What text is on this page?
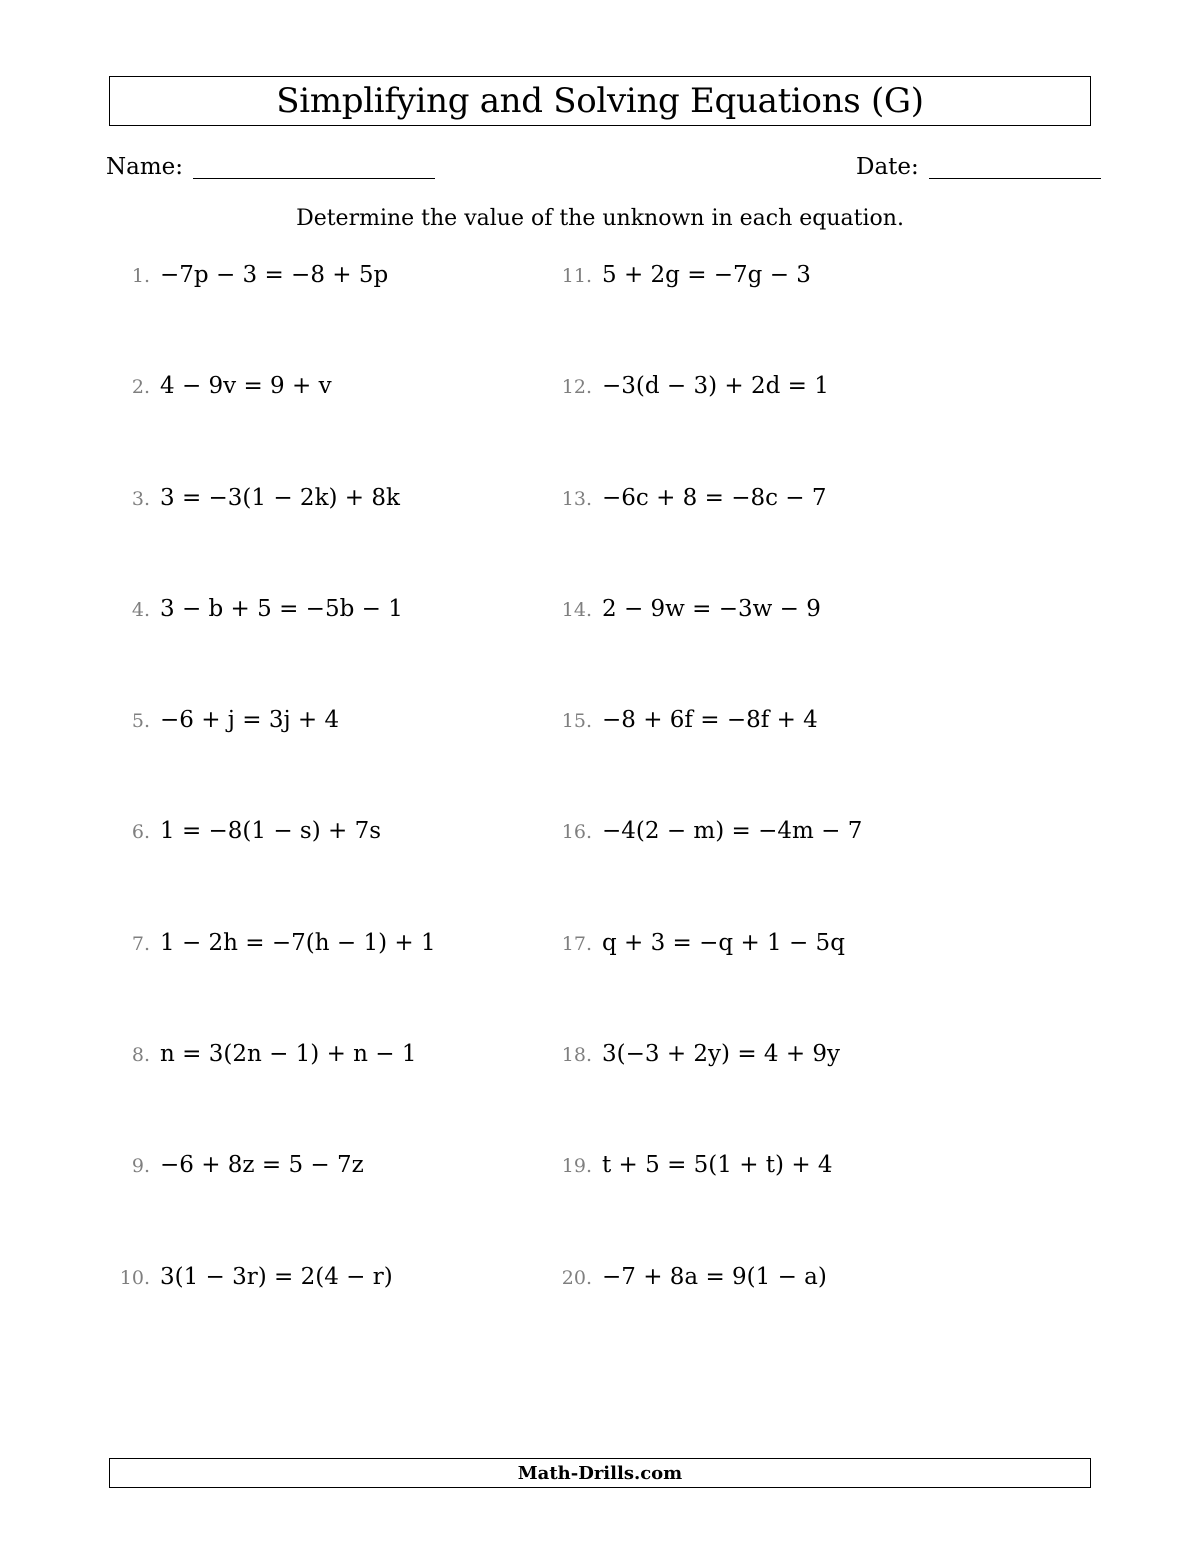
Simplifying and Solving Equations (G)
Name:	Date:
Determine the value of the unknown in each equation.
1. −7p − 3 = −8 + 5p
2. 4 − 9v = 9 + v
3. 3 = −3(1 − 2k) + 8k
4. 3 − b + 5 = −5b − 1
5. −6 + j = 3j + 4
6. 1 = −8(1 − s) + 7s
7. 1 − 2h = −7(h − 1) + 1
8. n = 3(2n − 1) + n − 1
9. −6 + 8z = 5 − 7z
10. 3(1 − 3r) = 2(4 − r)
11. 5 + 2g = −7g − 3
12. −3(d − 3) + 2d = 1
13. −6c + 8 = −8c − 7
14. 2 − 9w = −3w − 9
15. −8 + 6f = −8f + 4
16. −4(2 − m) = −4m − 7
17. q + 3 = −q + 1 − 5q
18. 3(−3 + 2y) = 4 + 9y
19. t + 5 = 5(1 + t) + 4
20. −7 + 8a = 9(1 − a)
Math-Drills.com
